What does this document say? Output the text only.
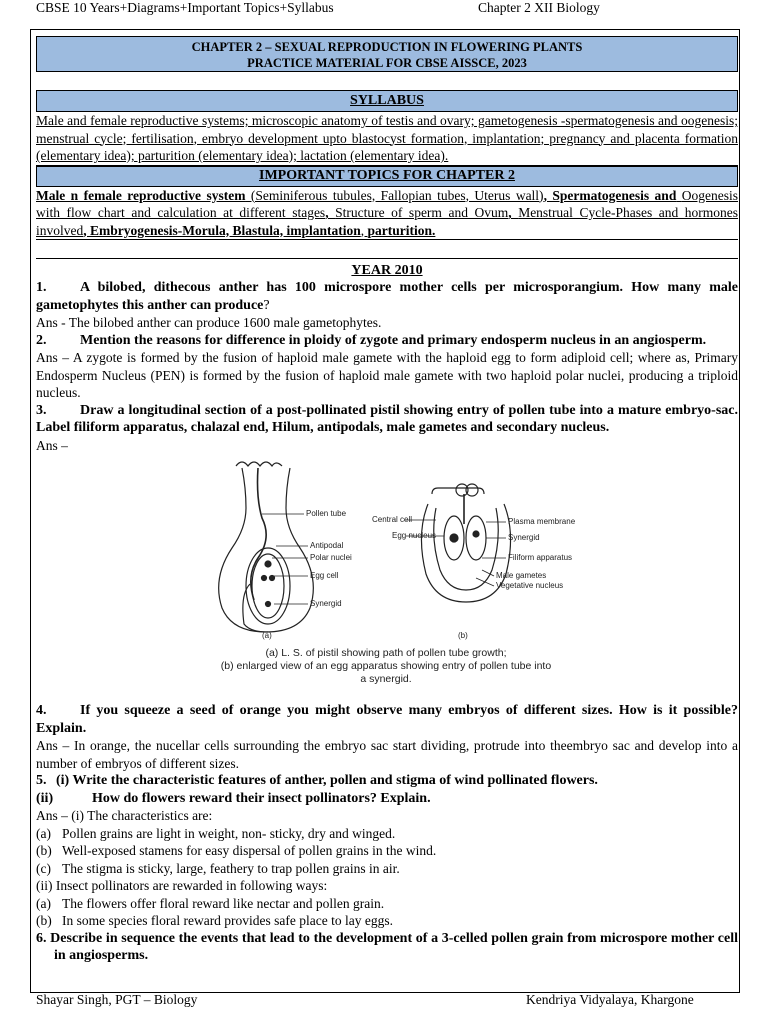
CBSE 10 Years+Diagrams+Important Topics+Syllabus	Chapter 2 XII Biology
CHAPTER 2 – SEXUAL REPRODUCTION IN FLOWERING PLANTS
PRACTICE MATERIAL FOR CBSE AISSCE, 2023
SYLLABUS
Male and female reproductive systems; microscopic anatomy of testis and ovary; gametogenesis -spermatogenesis and oogenesis; menstrual cycle; fertilisation, embryo development upto blastocyst formation, implantation; pregnancy and placenta formation (elementary idea); parturition (elementary idea); lactation (elementary idea).
IMPORTANT TOPICS FOR CHAPTER 2
Male n female reproductive system (Seminiferous tubules, Fallopian tubes, Uterus wall), Spermatogenesis and Oogenesis with flow chart and calculation at different stages, Structure of sperm and Ovum, Menstrual Cycle-Phases and hormones involved, Embryogenesis-Morula, Blastula, implantation, parturition.
YEAR 2010
1. A bilobed, dithecous anther has 100 microspore mother cells per microsporangium. How many male gametophytes this anther can produce?
Ans - The bilobed anther can produce 1600 male gametophytes.
2. Mention the reasons for difference in ploidy of zygote and primary endosperm nucleus in an angiosperm.
Ans – A zygote is formed by the fusion of haploid male gamete with the haploid egg to form adiploid cell; where as, Primary Endosperm Nucleus (PEN) is formed by the fusion of haploid male gamete with two haploid polar nuclei, producing a triploid nucleus.
3. Draw a longitudinal section of a post-pollinated pistil showing entry of pollen tube into a mature embryo-sac. Label filiform apparatus, chalazal end, Hilum, antipodals, male gametes and secondary nucleus.
Ans –
Pollen tube
Antipodal
Polar nuclei
Egg cell
Synergid
(a)
Central cell
Egg nucleus
Plasma membrane
Synergid
Filiform apparatus
Male gametes
Vegetative nucleus
(b)
(a) L. S. of pistil showing path of pollen tube growth;
(b) enlarged view of an egg apparatus showing entry of pollen tube into
a synergid.
4. If you squeeze a seed of orange you might observe many embryos of different sizes. How is it possible? Explain.
Ans – In orange, the nucellar cells surrounding the embryo sac start dividing, protrude into theembryo sac and develop into a number of embryos of different sizes.
5. (i) Write the characteristic features of anther, pollen and stigma of wind pollinated flowers.
(ii)	How do flowers reward their insect pollinators? Explain.
Ans – (i) The characteristics are:
(a) Pollen grains are light in weight, non- sticky, dry and winged.
(b) Well-exposed stamens for easy dispersal of pollen grains in the wind.
(c) The stigma is sticky, large, feathery to trap pollen grains in air.
(ii) Insect pollinators are rewarded in following ways:
(a) The flowers offer floral reward like nectar and pollen grain.
(b) In some species floral reward provides safe place to lay eggs.
6. Describe in sequence the events that lead to the development of a 3-celled pollen grain from microspore mother cell in angiosperms.
Shayar Singh, PGT – Biology	Kendriya Vidyalaya, Khargone
